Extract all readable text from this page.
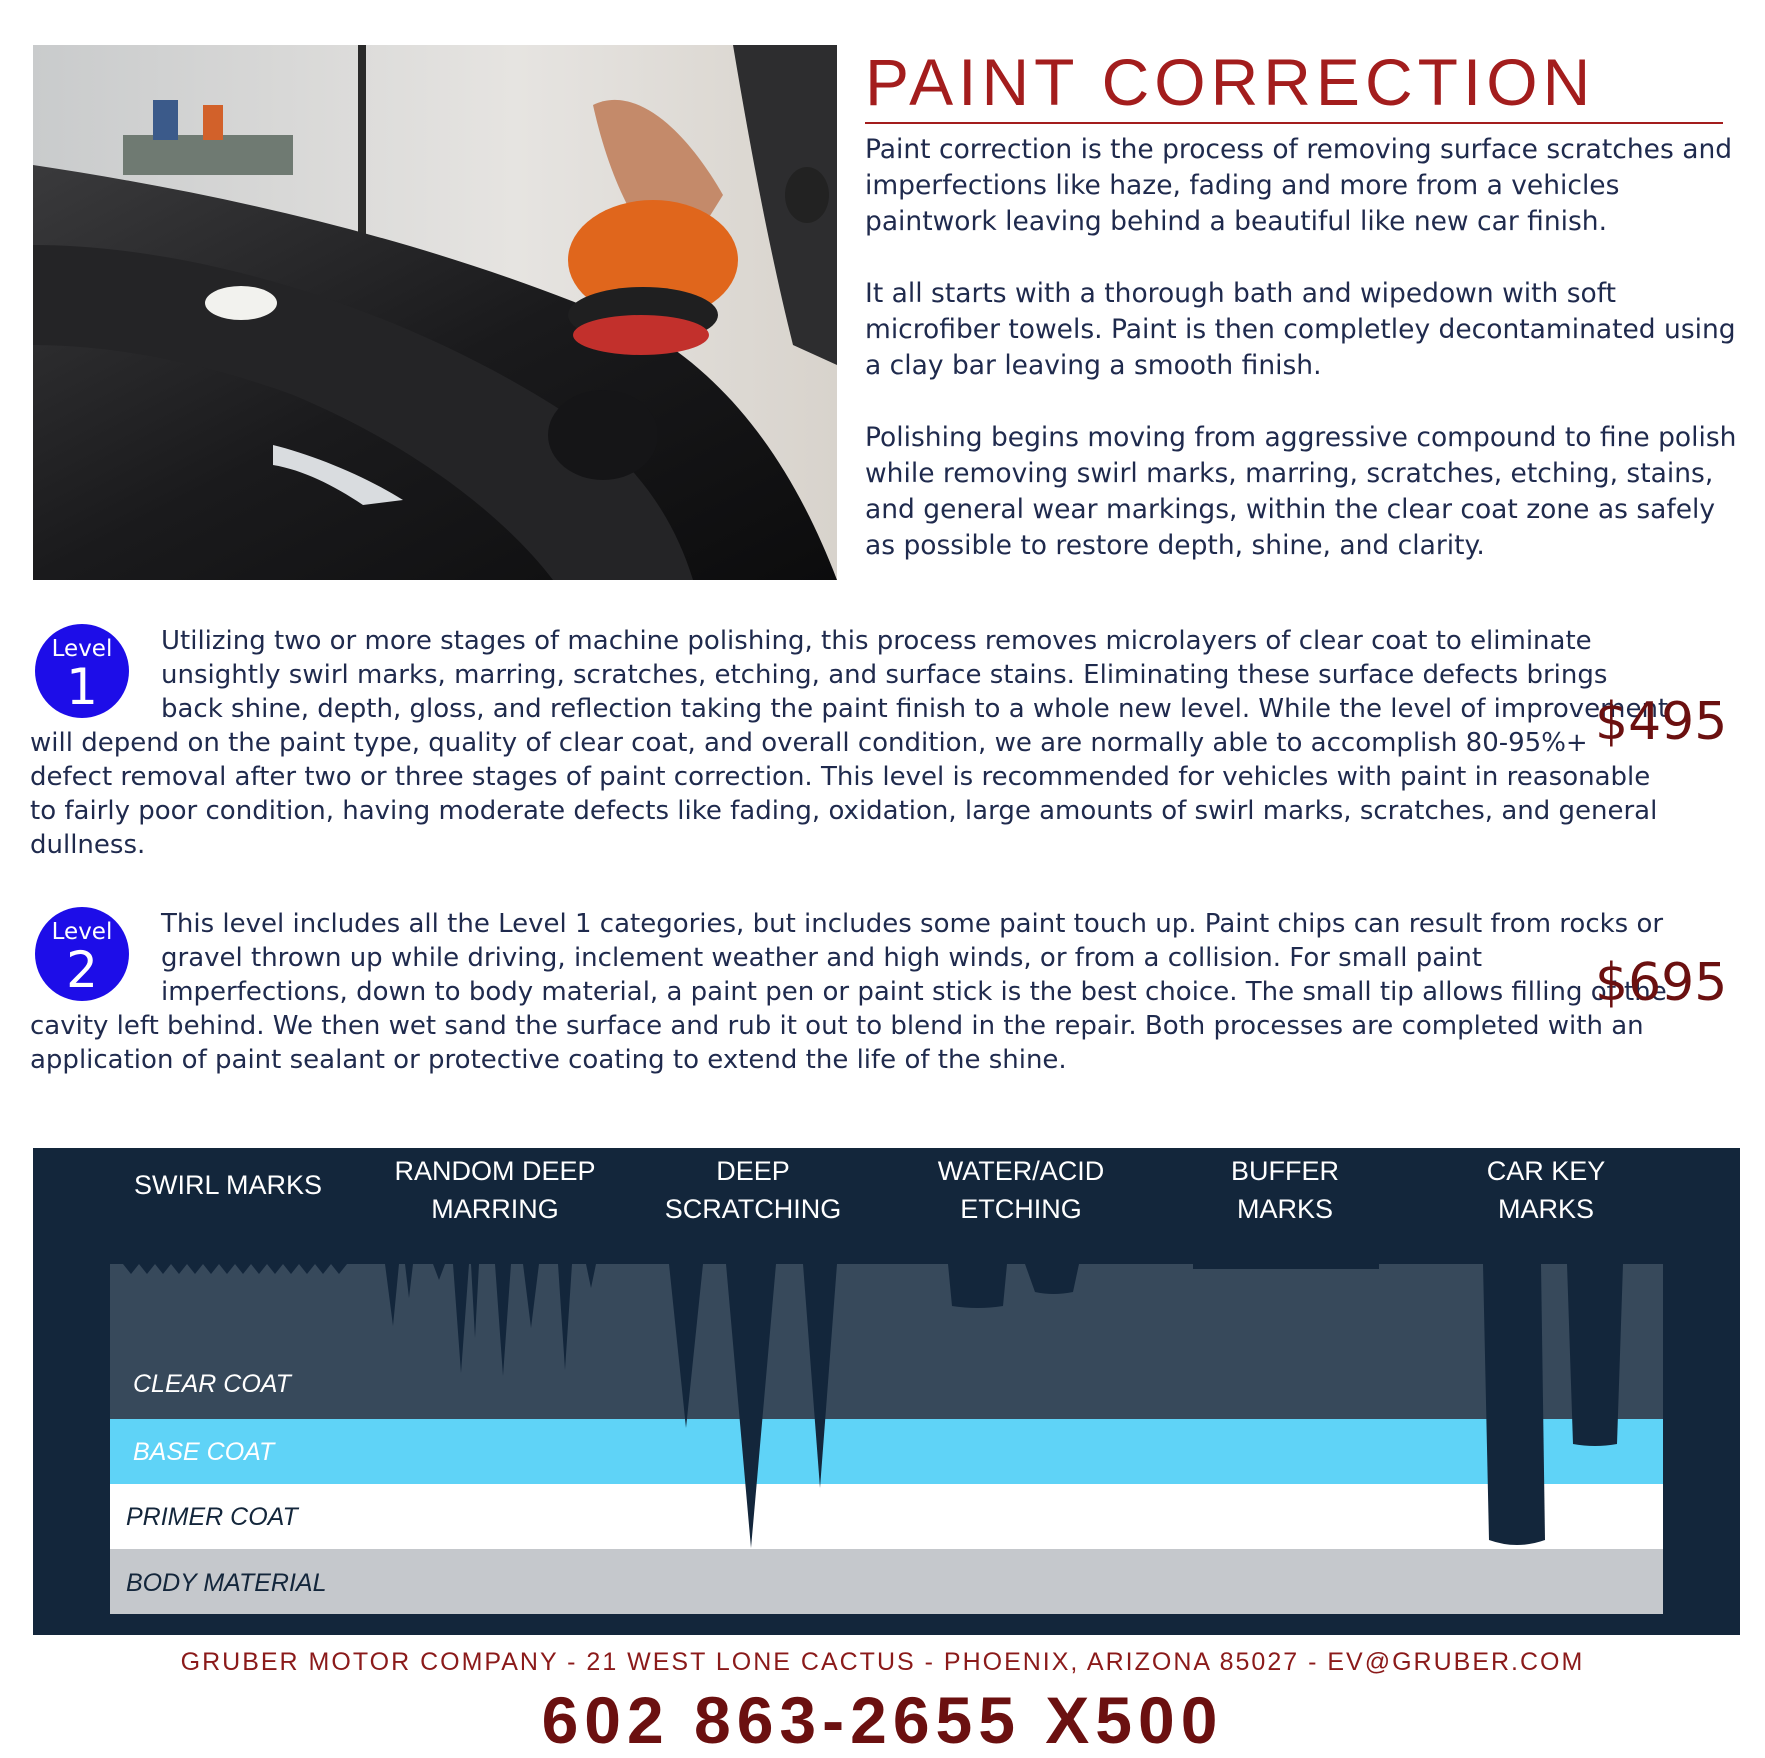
PAINT CORRECTION

Paint correction is the process of removing surface scratches and imperfections like haze, fading and more from a vehicles paintwork leaving behind a beautiful like new car finish.

It all starts with a thorough bath and wipedown with soft microfiber towels. Paint is then completley decontaminated using a clay bar leaving a smooth finish.

Polishing begins moving from aggressive compound to fine polish while removing swirl marks, marring, scratches, etching, stains, and general wear markings, within the clear coat zone as safely as possible to restore depth, shine, and clarity.

Level
1
Utilizing two or more stages of machine polishing, this process removes microlayers of clear coat to eliminate unsightly swirl marks, marring, scratches, etching, and surface stains. Eliminating these surface defects brings back shine, depth, gloss, and reflection taking the paint finish to a whole new level. While the level of improvement will depend on the paint type, quality of clear coat, and overall condition, we are normally able to accomplish 80-95%+ defect removal after two or three stages of paint correction. This level is recommended for vehicles with paint in reasonable to fairly poor condition, having moderate defects like fading, oxidation, large amounts of swirl marks, scratches, and general dullness.
$495
Level
2
This level includes all the Level 1 categories, but includes some paint touch up. Paint chips can result from rocks or gravel thrown up while driving, inclement weather and high winds, or from a collision. For small paint imperfections, down to body material, a paint pen or paint stick is the best choice. The small tip allows filling of the cavity left behind. We then wet sand the surface and rub it out to blend in the repair. Both processes are completed with an application of paint sealant or protective coating to extend the life of the shine.
$695
SWIRL MARKS	RANDOM DEEP
MARRING
DEEP
SCRATCHING
WATER/ACID
ETCHING
BUFFER
MARKS
CAR KEY
MARKS
CLEAR COAT
BASE COAT
PRIMER COAT
BODY MATERIAL
GRUBER MOTOR COMPANY - 21 WEST LONE CACTUS - PHOENIX, ARIZONA 85027 - EV@GRUBER.COM
602 863-2655 X500
